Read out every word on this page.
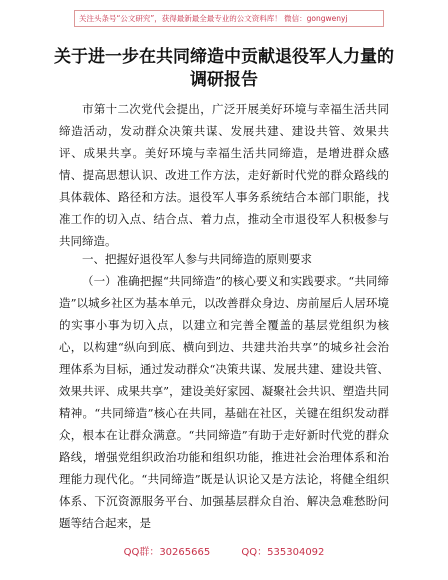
关注头条号“公文研究”，获得最新最全最专业的公文资料库！ 微信：gongwenyj
关于进一步在共同缔造中贡献退役军人力量的
调研报告

市第十二次党代会提出，广泛开展美好环境与幸福生活共同缔造活动，发动群众决策共谋、发展共建、建设共管、效果共评、成果共享。美好环境与幸福生活共同缔造，是增进群众感情、提高思想认识、改进工作方法，走好新时代党的群众路线的具体载体、路径和方法。退役军人事务系统结合本部门职能，找准工作的切入点、结合点、着力点，推动全市退役军人积极参与共同缔造。

一、把握好退役军人参与共同缔造的原则要求

（一）准确把握“共同缔造”的核心要义和实践要求。“共同缔造”以城乡社区为基本单元，以改善群众身边、房前屋后人居环境的实事小事为切入点，以建立和完善全覆盖的基层党组织为核心，以构建“纵向到底、横向到边、共建共治共享”的城乡社会治理体系为目标，通过发动群众“决策共谋、发展共建、建设共管、效果共评、成果共享”，建设美好家园、凝聚社会共识、塑造共同精神。“共同缔造”核心在共同，基础在社区，关键在组织发动群众，根本在让群众满意。“共同缔造”有助于走好新时代党的群众路线，增强党组织政治功能和组织功能，推进社会治理体系和治理能力现代化。“共同缔造”既是认识论又是方法论，将健全组织体系、下沉资源服务平台、加强基层群众自治、解决急难愁盼问题等结合起来，是

QQ群：30265665	QQ：535304092
